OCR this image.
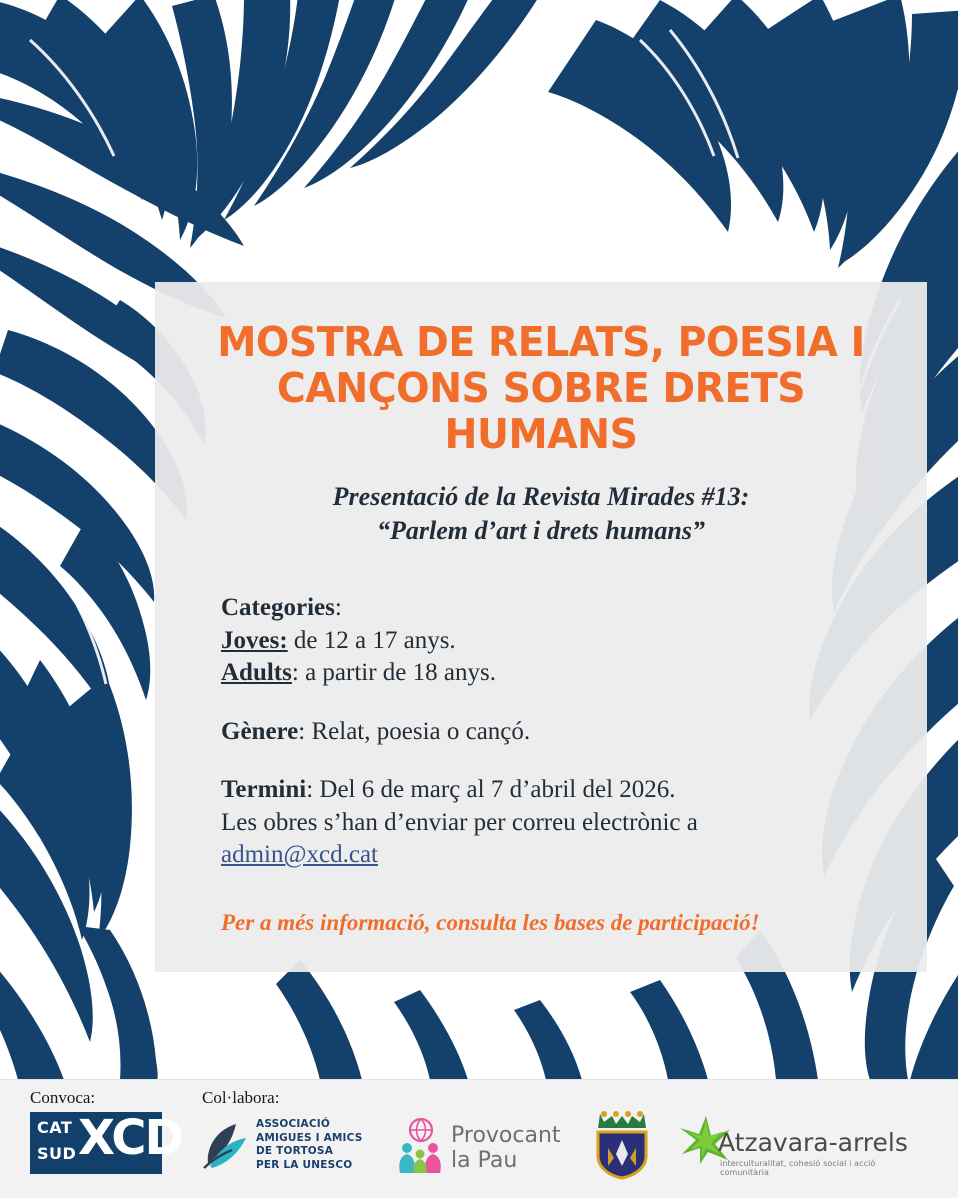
MOSTRA DE RELATS, POESIA I
CANÇONS SOBRE DRETS HUMANS
Presentació de la Revista Mirades #13:
“Parlem d’art i drets humans”

Categories:

Joves: de 12 a 17 anys.

Adults: a partir de 18 anys.

Gènere: Relat, poesia o cançó.

Termini: Del 6 de març al 7 d’abril del 2026.

Les obres s’han d’enviar per correu electrònic a

admin@xcd.cat

Per a més informació, consulta les bases de participació!
Convoca:	Col·labora:
CAT
SUD XCD	ASSOCIACIÓ
AMIGUES I AMICS
DE TORTOSA
PER LA UNESCO
Provocant
la Pau
Atzavara-arrels
interculturalitat, cohesió social i acció comunitària
